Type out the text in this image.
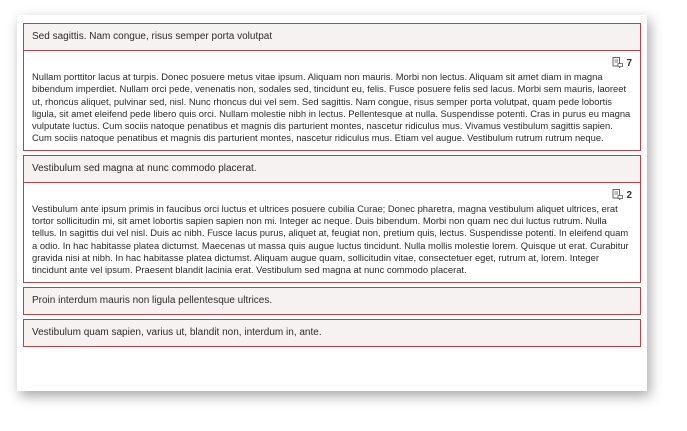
Sed sagittis. Nam congue, risus semper porta volutpat
7

Nullam porttitor lacus at turpis. Donec posuere metus vitae ipsum. Aliquam non mauris. Morbi non lectus. Aliquam sit amet diam in magna bibendum imperdiet. Nullam orci pede, venenatis non, sodales sed, tincidunt eu, felis. Fusce posuere felis sed lacus. Morbi sem mauris, laoreet ut, rhoncus aliquet, pulvinar sed, nisl. Nunc rhoncus dui vel sem. Sed sagittis. Nam congue, risus semper porta volutpat, quam pede lobortis ligula, sit amet eleifend pede libero quis orci. Nullam molestie nibh in lectus. Pellentesque at nulla. Suspendisse potenti. Cras in purus eu magna vulputate luctus. Cum sociis natoque penatibus et magnis dis parturient montes, nascetur ridiculus mus. Vivamus vestibulum sagittis sapien. Cum sociis natoque penatibus et magnis dis parturient montes, nascetur ridiculus mus. Etiam vel augue. Vestibulum rutrum rutrum neque.

Vestibulum sed magna at nunc commodo placerat.
2

Vestibulum ante ipsum primis in faucibus orci luctus et ultrices posuere cubilia Curae; Donec pharetra, magna vestibulum aliquet ultrices, erat tortor sollicitudin mi, sit amet lobortis sapien sapien non mi. Integer ac neque. Duis bibendum. Morbi non quam nec dui luctus rutrum. Nulla tellus. In sagittis dui vel nisl. Duis ac nibh. Fusce lacus purus, aliquet at, feugiat non, pretium quis, lectus. Suspendisse potenti. In eleifend quam a odio. In hac habitasse platea dictumst. Maecenas ut massa quis augue luctus tincidunt. Nulla mollis molestie lorem. Quisque ut erat. Curabitur gravida nisi at nibh. In hac habitasse platea dictumst. Aliquam augue quam, sollicitudin vitae, consectetuer eget, rutrum at, lorem. Integer tincidunt ante vel ipsum. Praesent blandit lacinia erat. Vestibulum sed magna at nunc commodo placerat.

Proin interdum mauris non ligula pellentesque ultrices.
Vestibulum quam sapien, varius ut, blandit non, interdum in, ante.
